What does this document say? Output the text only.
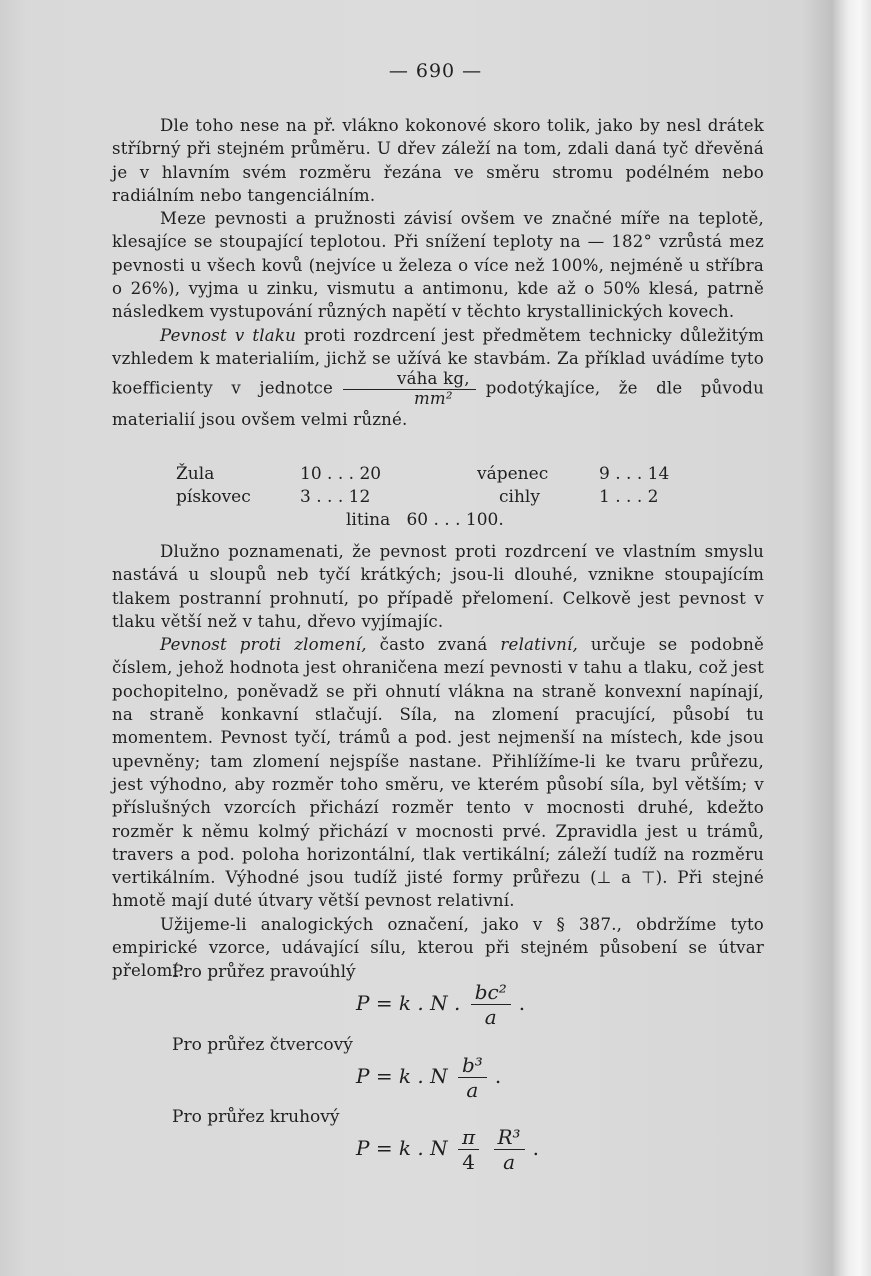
— 690 —

Dle toho nese na př. vlákno kokonové skoro tolik, jako by nesl drátek stříbrný při stejném průměru. U dřev záleží na tom, zdali daná tyč dřevěná je v hlavním svém rozměru řezána ve směru stromu podélném nebo radiálním nebo tangenciálním.

Meze pevnosti a pružnosti závisí ovšem ve značné míře na teplotě, klesajíce se stoupající teplotou. Při snížení teploty na — 182° vzrůstá mez pevnosti u všech kovů (nejvíce u železa o více než 100%, nejméně u stříbra o 26%), vyjma u zinku, vismutu a antimonu, kde až o 50% klesá, patrně následkem vystupování různých napětí v těchto krystallinických kovech.

Pevnost v tlaku proti rozdrcení jest předmětem technicky důležitým vzhledem k materialiím, jichž se užívá ke stavbám. Za příklad uvádíme tyto koefficienty v jednotce $\frac{\text{váha kg,}}{\text{mm²}}$ podotýkajíce, že dle původu materialií jsou ovšem velmi různé.

Žula	10 . . . 20	vápenec	9 . . . 14
pískovec	3 . . . 12	cihly	1 . . . 2
	litina 60 . . . 100.		

Dlužno poznamenati, že pevnost proti rozdrcení ve vlastním smyslu nastává u sloupů neb tyčí krátkých; jsou-li dlouhé, vznikne stoupajícím tlakem postranní prohnutí, po případě přelomení. Celkově jest pevnost v tlaku větší než v tahu, dřevo vyjímajíc.

Pevnost proti zlomení, často zvaná relativní, určuje se podobně číslem, jehož hodnota jest ohraničena mezí pevnosti v tahu a tlaku, což jest pochopitelno, poněvadž se při ohnutí vlákna na straně konvexní napínají, na straně konkavní stlačují. Síla, na zlomení pracující, působí tu momentem. Pevnost tyčí, trámů a pod. jest nejmenší na místech, kde jsou upevněny; tam zlomení nejspíše nastane. Přihlížíme-li ke tvaru průřezu, jest výhodno, aby rozměr toho směru, ve kterém působí síla, byl větším; v příslušných vzorcích přichází rozměr tento v mocnosti druhé, kdežto rozměr k němu kolmý přichází v mocnosti prvé. Zpravidla jest u trámů, travers a pod. poloha horizontální, tlak vertikální; záleží tudíž na rozměru vertikálním. Výhodné jsou tudíž jisté formy průřezu (⊥ a ⊤). Při stejné hmotě mají duté útvary větší pevnost relativní.

Užijeme-li analogických označení, jako v § 387., obdržíme tyto empirické vzorce, udávající sílu, kterou při stejném působení se útvar přelomí.

Pro průřez pravoúhlý
P = k . N . $\frac{\text{bc²}}{a}$ .
Pro průřez čtvercový
P = k . N $\frac{\text{b³}}{a}$ .
Pro průřez kruhový
P = k . N $\frac{\pi}{4}$
$\frac{\text{R³}}{a}$ .
